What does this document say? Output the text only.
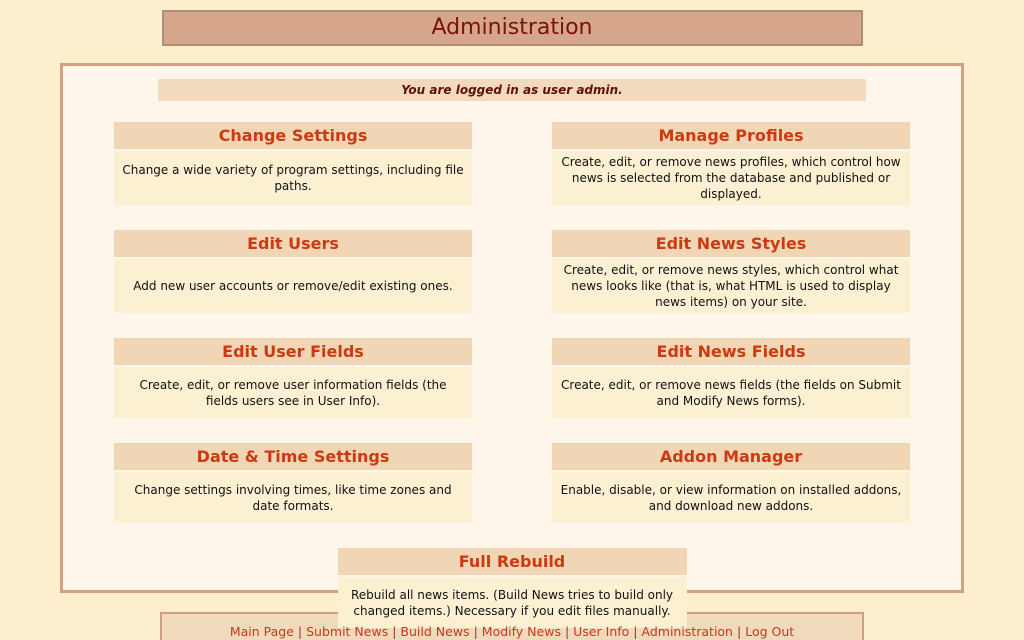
Administration
You are logged in as user admin.
Change Settings
Change a wide variety of program settings, including file paths.
Manage Profiles
Create, edit, or remove news profiles, which control how news is selected from the database and published or displayed.
Edit Users
Add new user accounts or remove/edit existing ones.
Edit News Styles
Create, edit, or remove news styles, which control what news looks like (that is, what HTML is used to display news items) on your site.
Edit User Fields
Create, edit, or remove user information fields (the fields users see in User Info).
Edit News Fields
Create, edit, or remove news fields (the fields on Submit and Modify News forms).
Date & Time Settings
Change settings involving times, like time zones and date formats.
Addon Manager
Enable, disable, or view information on installed addons, and download new addons.
Full Rebuild
Rebuild all news items. (Build News tries to build only changed items.) Necessary if you edit files manually.
Main Page | Submit News | Build News | Modify News | User Info | Administration | Log Out
